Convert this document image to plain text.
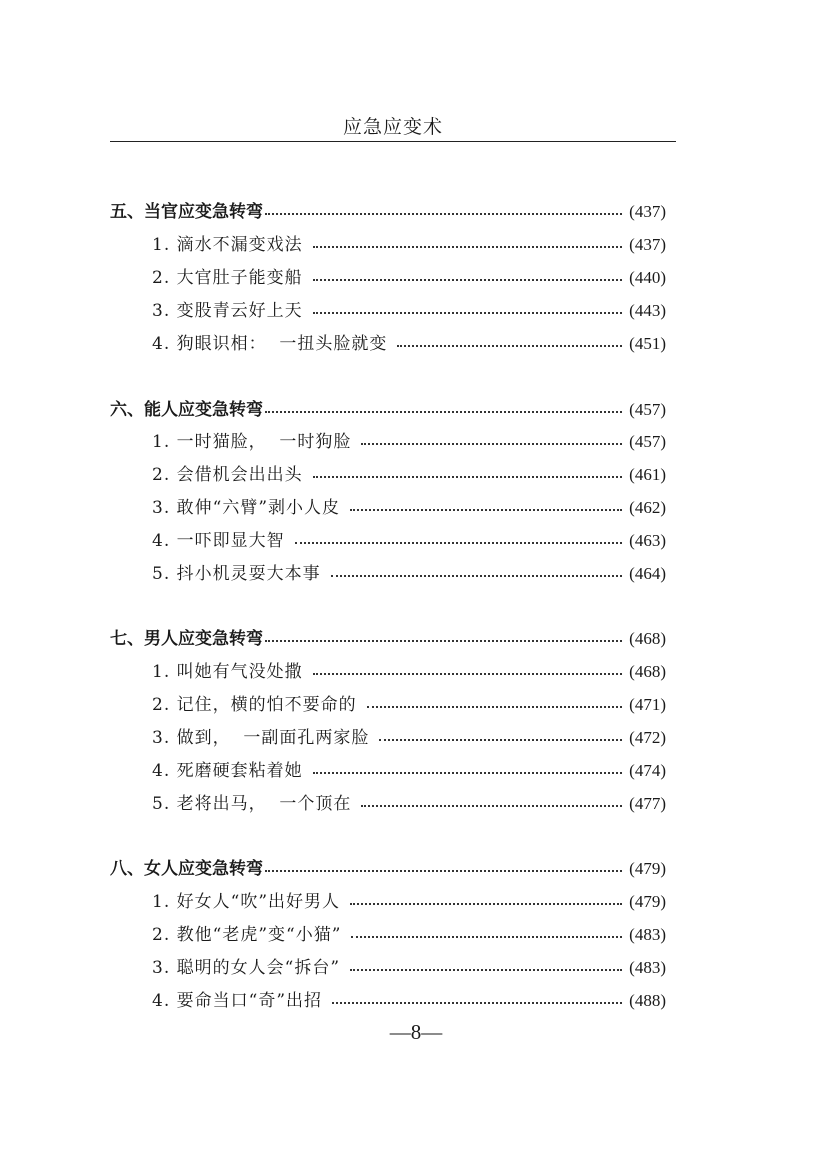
应急应变术
五、当官应变急转弯	(437)
1. 滴水不漏变戏法	(437)
2. 大官肚子能变船	(440)
3. 变股青云好上天	(443)
4. 狗眼识相：  一扭头脸就变	(451)
六、能人应变急转弯	(457)
1. 一时猫脸，  一时狗脸	(457)
2. 会借机会出出头	(461)
3. 敢伸“六臂”剥小人皮	(462)
4. 一吓即显大智	(463)
5. 抖小机灵耍大本事	(464)
七、男人应变急转弯	(468)
1. 叫她有气没处撒	(468)
2. 记住，横的怕不要命的	(471)
3. 做到，  一副面孔两家脸	(472)
4. 死磨硬套粘着她	(474)
5. 老将出马，  一个顶在	(477)
八、女人应变急转弯	(479)
1. 好女人“吹”出好男人	(479)
2. 教他“老虎”变“小猫”	(483)
3. 聪明的女人会“拆台”	(483)
4. 要命当口“奇”出招	(488)
—8—
